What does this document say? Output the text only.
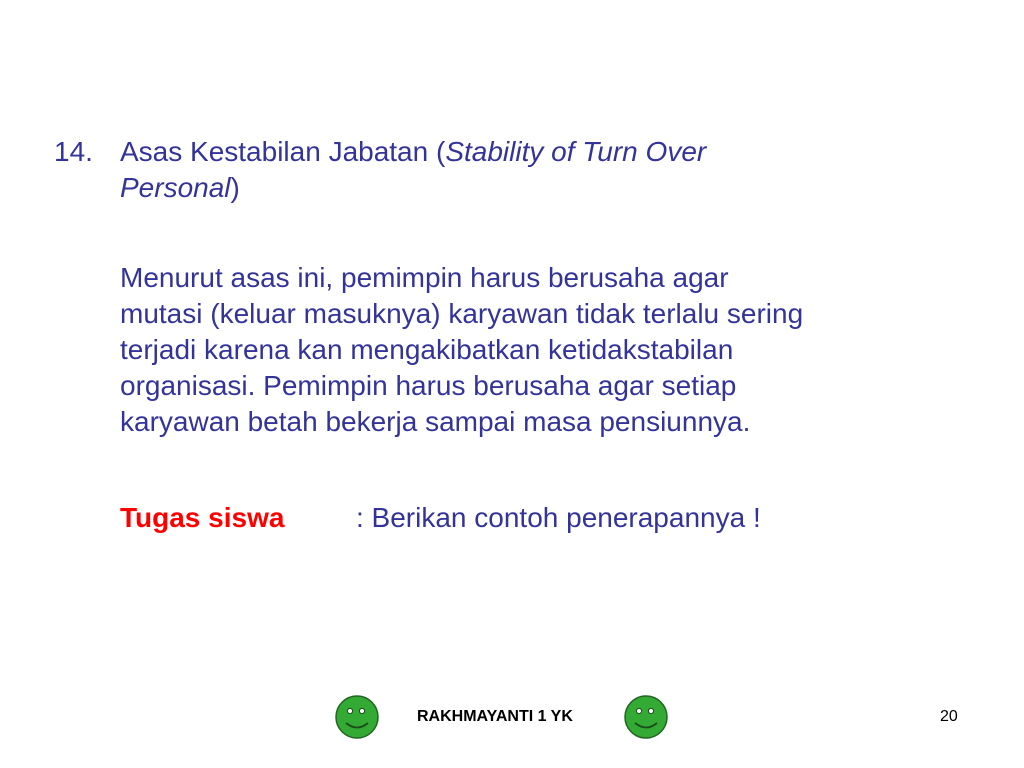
14. Asas Kestabilan Jabatan (Stability of Turn Over
Personal)
Menurut asas ini, pemimpin harus berusaha agar
mutasi (keluar masuknya) karyawan tidak terlalu sering
terjadi karena kan mengakibatkan ketidakstabilan
organisasi. Pemimpin harus berusaha agar setiap
karyawan betah bekerja sampai masa pensiunnya.
Tugas siswa	: Berikan contoh penerapannya !
RAKHMAYANTI 1 YK	20
